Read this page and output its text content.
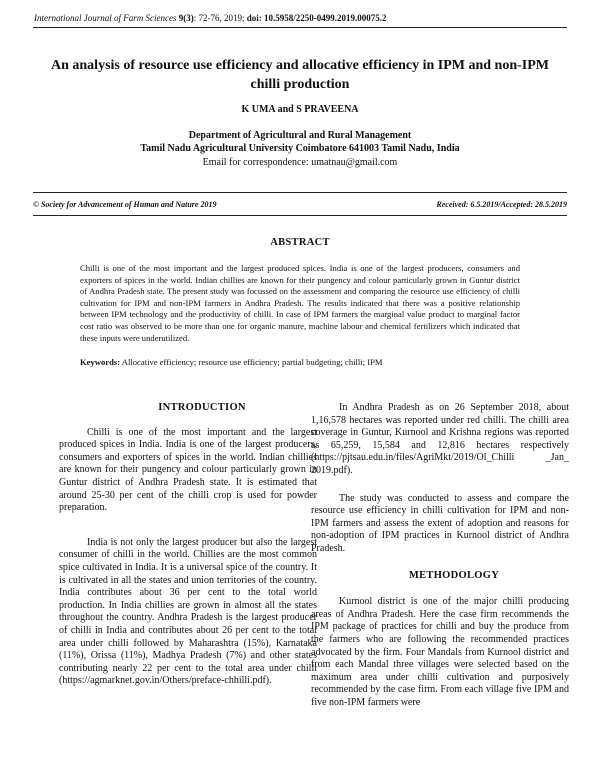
International Journal of Farm Sciences 9(3): 72-76, 2019; doi: 10.5958/2250-0499.2019.00075.2
An analysis of resource use efficiency and allocative efficiency in IPM and non-IPM chilli production
K UMA and S PRAVEENA
Department of Agricultural and Rural Management
Tamil Nadu Agricultural University Coimbatore 641003 Tamil Nadu, India
Email for correspondence: umatnau@gmail.com
© Society for Advancement of Human and Nature 2019	Received: 6.5.2019/Accepted: 28.5.2019
ABSTRACT
Chilli is one of the most important and the largest produced spices. India is one of the largest producers, consumers and exporters of spices in the world. Indian chillies are known for their pungency and colour particularly grown in Guntur district of Andhra Pradesh state. The present study was focussed on the assessment and comparing the resource use efficiency of chilli cultivation for IPM and non-IPM farmers in Andhra Pradesh. The results indicated that there was a positive relationship between IPM technology and the productivity of chilli. In case of IPM farmers the marginal value product to marginal factor cost ratio was observed to be more than one for organic manure, machine labour and chemical fertilizers which indicated that these inputs were underutilized.
Keywords: Allocative efficiency; resource use efficiency; partial budgeting; chilli; IPM

INTRODUCTION

Chilli is one of the most important and the largest produced spices in India. India is one of the largest producers, consumers and exporters of spices in the world. Indian chillies are known for their pungency and colour particularly grown in Guntur district of Andhra Pradesh state. It is estimated that around 25-30 per cent of the chilli crop is used for powder preparation.

India is not only the largest producer but also the largest consumer of chilli in the world. Chillies are the most common spice cultivated in India. It is a universal spice of the country. It is cultivated in all the states and union territories of the country. India contributes about 36 per cent to the total world production. In India chillies are grown in almost all the states throughout the country. Andhra Pradesh is the largest producer of chilli in India and contributes about 26 per cent to the total area under chilli followed by Maharashtra (15%), Karnataka (11%), Orissa (11%), Madhya Pradesh (7%) and other states contributing nearly 22 per cent to the total area under chilli (https://agmarknet.gov.in/Others/preface-chhilli.pdf).

In Andhra Pradesh as on 26 September 2018, about 1,16,578 hectares was reported under red chilli. The chilli area coverage in Guntur, Kurnool and Krishna regions was reported as 65,259, 15,584 and 12,816 hectares respectively (https://pjtsau.edu.in/files/AgriMkt/2019/Ol_Chilli _Jan_ 2019.pdf).

The study was conducted to assess and compare the resource use efficiency in chilli cultivation for IPM and non-IPM farmers and assess the extent of adoption and reasons for non-adoption of IPM practices in Kurnool district of Andhra Pradesh.

METHODOLOGY

Kurnool district is one of the major chilli producing areas of Andhra Pradesh. Here the case firm recommends the IPM package of practices for chilli and buy the produce from the farmers who are following the recommended practices advocated by the firm. Four Mandals from Kurnool district and from each Mandal three villages were selected based on the maximum area under chilli cultivation and purposively recommended by the case firm. From each village five IPM and five non-IPM farmers were
